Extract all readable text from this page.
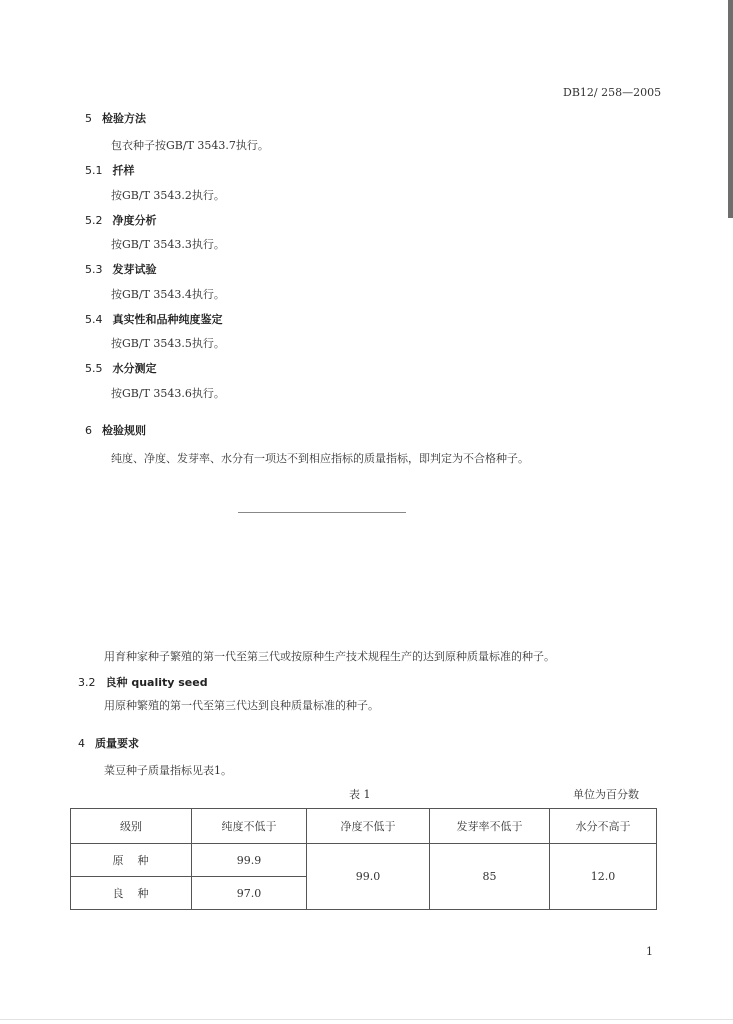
DB12/ 258—2005
5 检验方法
包衣种子按GB/T 3543.7执行。
5.1 扦样
按GB/T 3543.2执行。
5.2 净度分析
按GB/T 3543.3执行。
5.3 发芽试验
按GB/T 3543.4执行。
5.4 真实性和品种纯度鉴定
按GB/T 3543.5执行。
5.5 水分测定
按GB/T 3543.6执行。
6 检验规则
纯度、净度、发芽率、水分有一项达不到相应指标的质量指标，即判定为不合格种子。
用育种家种子繁殖的第一代至第三代或按原种生产技术规程生产的达到原种质量标准的种子。
3.2 良种 quality seed
用原种繁殖的第一代至第三代达到良种质量标准的种子。
4 质量要求
菜豆种子质量指标见表1。
表 1	单位为百分数
级别	纯度不低于	净度不低于	发芽率不低于	水分不高于
原种	99.9	99.0	85	12.0
良种	97.0			
1
